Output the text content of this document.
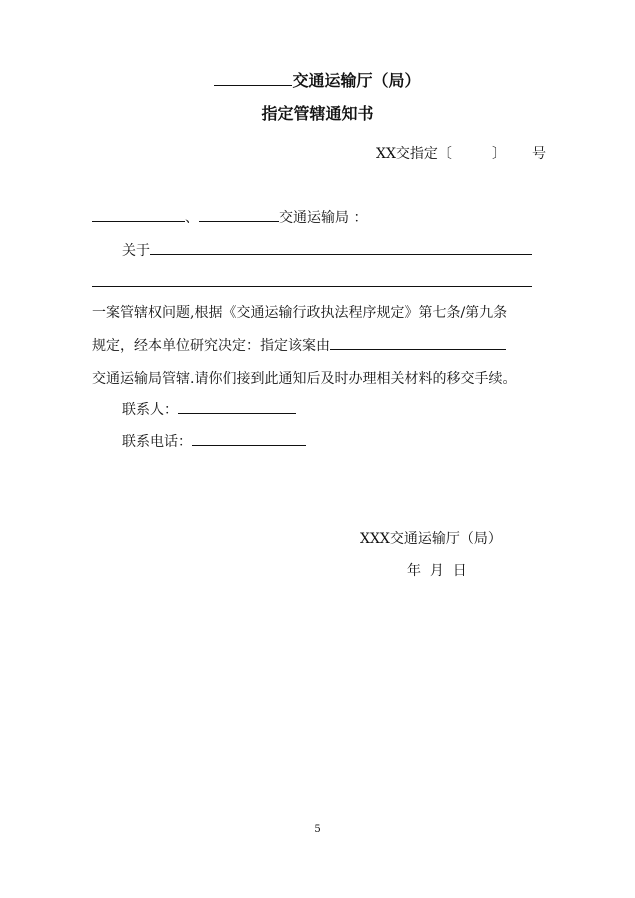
交通运输厅（局）
指定管辖通知书
XX交指定〔	〕 号
、	交通运输局 ：
关于
一案管辖权问题,根据《交通运输行政执法程序规定》第七条/第九条
规定，经本单位研究决定：指定该案由
交通运输局管辖.请你们接到此通知后及时办理相关材料的移交手续。
联系人：
联系电话：
XXX交通运输厅（局）
年  月  日
5
